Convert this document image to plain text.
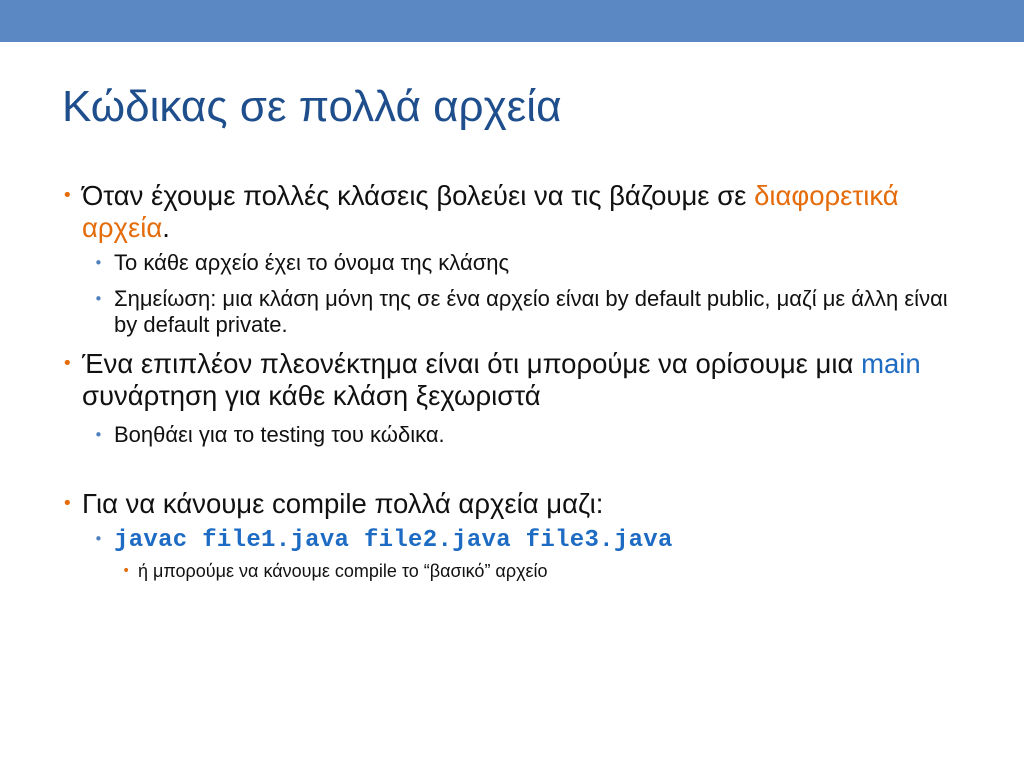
Κώδικας σε πολλά αρχεία
• Όταν έχουμε πολλές κλάσεις βολεύει να τις βάζουμε σε διαφορετικά αρχεία.
• Το κάθε αρχείο έχει το όνομα της κλάσης
• Σημείωση: μια κλάση μόνη της σε ένα αρχείο είναι by default public, μαζί με άλλη είναι by default private.
• Ένα επιπλέον πλεονέκτημα είναι ότι μπορούμε να ορίσουμε μια main συνάρτηση για κάθε κλάση ξεχωριστά
• Βοηθάει για το testing του κώδικα.
• Για να κάνουμε compile πολλά αρχεία μαζι:
• javac file1.java file2.java file3.java
• ή μπορούμε να κάνουμε compile το “βασικό” αρχείο
